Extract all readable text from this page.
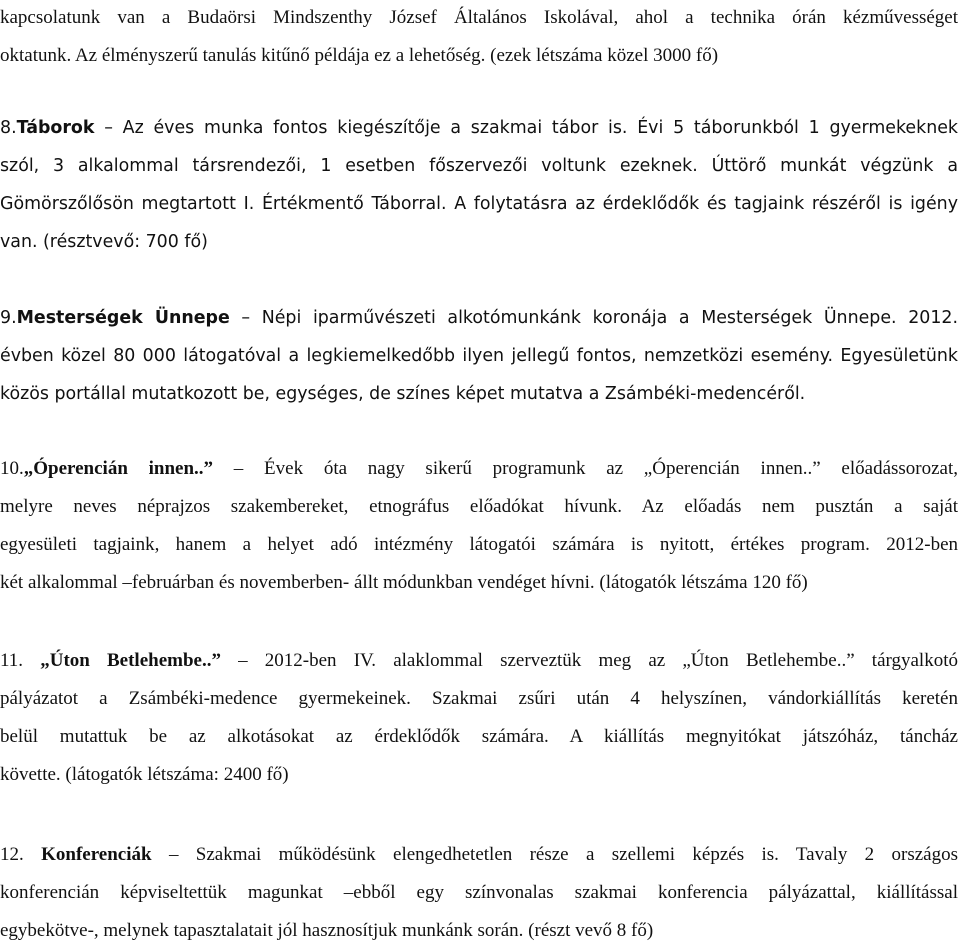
kapcsolatunk van a Budaörsi Mindszenthy József Általános Iskolával, ahol a technika órán kézművességet
oktatunk. Az élményszerű tanulás kitűnő példája ez a lehetőség. (ezek létszáma közel 3000 fő)
8.Táborok – Az éves munka fontos kiegészítője a szakmai tábor is. Évi 5 táborunkból 1 gyermekeknek
szól, 3 alkalommal társrendezői, 1 esetben főszervezői voltunk ezeknek. Úttörő munkát végzünk a
Gömörszőlősön megtartott I. Értékmentő Táborral. A folytatásra az érdeklődők és tagjaink részéről is igény
van. (résztvevő: 700 fő)
9.Mesterségek Ünnepe – Népi iparművészeti alkotómunkánk koronája a Mesterségek Ünnepe. 2012.
évben közel 80 000 látogatóval a legkiemelkedőbb ilyen jellegű fontos, nemzetközi esemény. Egyesületünk
közös portállal mutatkozott be, egységes, de színes képet mutatva a Zsámbéki-medencéről.
10.„Óperencián innen..” – Évek óta nagy sikerű programunk az „Óperencián innen..” előadássorozat,
melyre neves néprajzos szakembereket, etnográfus előadókat hívunk. Az előadás nem pusztán a saját
egyesületi tagjaink, hanem a helyet adó intézmény látogatói számára is nyitott, értékes program. 2012-ben
két alkalommal –februárban és novemberben- állt módunkban vendéget hívni. (látogatók létszáma 120 fő)
11. „Úton Betlehembe..” – 2012-ben IV. alaklommal szerveztük meg az „Úton Betlehembe..” tárgyalkotó
pályázatot a Zsámbéki-medence gyermekeinek. Szakmai zsűri után 4 helyszínen, vándorkiállítás keretén
belül mutattuk be az alkotásokat az érdeklődők számára. A kiállítás megnyitókat játszóház, táncház
követte. (látogatók létszáma: 2400 fő)
12. Konferenciák – Szakmai működésünk elengedhetetlen része a szellemi képzés is. Tavaly 2 országos
konferencián képviseltettük magunkat –ebből egy színvonalas szakmai konferencia pályázattal, kiállítással
egybekötve-, melynek tapasztalatait jól hasznosítjuk munkánk során. (részt vevő 8 fő)
